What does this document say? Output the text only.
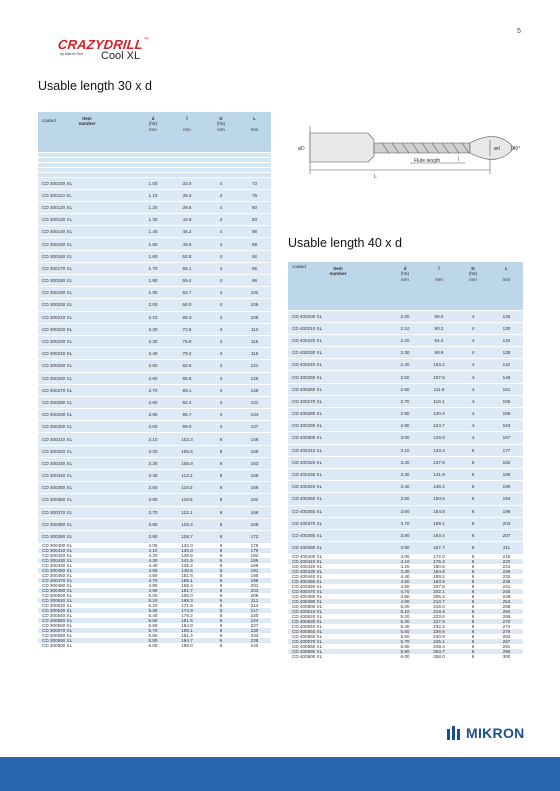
5
CRAZYDRILL™
by Mikron Tool Cool XL
Usable length 30 x d
Usable length 40 x d
Item
number
coated	d
(h5)
mm	l

mm	D
(h6)
mm	L

mm

CD 300100 XL	1.00	33.0	4	73
CD 300110 XL	1.10	36.3	4	76
CD 300120 XL	1.20	39.6	4	80
CD 300130 XL	1.30	42.9	4	83
CD 300140 XL	1.40	46.2	4	86
CD 300150 XL	1.50	49.5	4	89
CD 300160 XL	1.60	52.8	4	92
CD 300170 XL	1.70	56.1	4	96
CD 300180 XL	1.80	59.4	4	99
CD 300190 XL	1.90	62.7	4	102
CD 300200 XL	2.00	66.0	4	105
CD 300210 XL	2.10	69.3	4	109
CD 300220 XL	2.20	72.6	4	112
CD 300230 XL	2.30	75.9	4	115
CD 300240 XL	2.40	79.2	4	118
CD 300250 XL	2.50	82.5	4	121
CD 300260 XL	2.60	85.8	4	125
CD 300270 XL	2.70	89.1	4	128
CD 300280 XL	2.80	92.4	4	131
CD 300290 XL	2.90	95.7	4	134
CD 300300 XL	3.00	99.0	4	137
CD 300310 XL	3.10	102.3	6	146
CD 300320 XL	3.20	105.6	6	150
CD 300330 XL	3.30	108.9	6	153
CD 300340 XL	3.40	112.2	6	156
CD 300350 XL	3.50	115.5	6	159
CD 300360 XL	3.60	118.8	6	162
CD 300370 XL	3.70	122.1	6	166
CD 300380 XL	3.80	125.4	6	169
CD 300390 XL	3.90	128.7	6	172
CD 300400 XL	4.00	132.0	6	175
CD 300410 XL	4.10	135.3	6	179
CD 300420 XL	4.20	138.6	6	182
CD 300430 XL	4.30	141.9	6	185
CD 300440 XL	4.40	145.2	6	188
CD 300450 XL	4.50	148.5	6	191
CD 300460 XL	4.60	151.8	6	195
CD 300470 XL	4.70	155.1	6	198
CD 300480 XL	4.80	158.4	6	201
CD 300490 XL	4.90	161.7	6	204
CD 300500 XL	5.00	165.0	6	208
CD 300510 XL	5.10	168.3	6	211
CD 300520 XL	5.20	171.6	6	214
CD 300530 XL	5.30	174.9	6	217
CD 300540 XL	5.40	178.2	6	220
CD 300550 XL	5.50	181.5	6	224
CD 300560 XL	5.60	184.8	6	227
CD 300570 XL	5.70	188.1	6	230
CD 300580 XL	5.80	191.4	6	233
CD 300590 XL	5.90	194.7	6	236
CD 300600 XL	6.00	198.0	6	240
øD	ød 140°
Flute length	l
L
Item
number
coated	d
(h5)
mm	l

mm	D
(h6)
mm	L

mm

CD 400200 XL	2.00	86.0	4	125
CD 400210 XL	2.10	90.3	4	130
CD 400220 XL	2.20	94.4	4	134
CD 400230 XL	2.30	98.9	4	138
CD 400240 XL	2.40	103.2	4	142
CD 400250 XL	2.50	107.5	4	146
CD 400260 XL	2.60	111.8	4	151
CD 400270 XL	2.70	116.1	4	155
CD 400280 XL	2.80	120.4	4	159
CD 400290 XL	2.90	124.7	4	163
CD 400300 XL	3.00	129.0	4	167
CD 400310 XL	3.10	133.3	6	177
CD 400320 XL	3.20	137.6	6	182
CD 400330 XL	3.30	141.9	6	186
CD 400340 XL	3.40	146.2	6	190
CD 400350 XL	3.50	150.5	6	194
CD 400360 XL	3.60	154.8	6	198
CD 400370 XL	3.70	159.1	6	203
CD 400380 XL	3.80	163.4	6	207
CD 400390 XL	3.90	167.7	6	211
CD 400400 XL	4.00	172.0	6	215
CD 400410 XL	4.10	176.3	6	220
CD 400420 XL	4.20	180.6	6	224
CD 400430 XL	4.30	184.9	6	228
CD 400440 XL	4.40	189.2	6	232
CD 400450 XL	4.50	193.5	6	236
CD 400460 XL	4.60	197.8	6	241
CD 400470 XL	4.70	202.1	6	245
CD 400480 XL	4.80	206.4	6	249
CD 400490 XL	4.90	210.7	6	253
CD 400500 XL	5.00	215.0	6	258
CD 400510 XL	5.10	219.3	6	262
CD 400520 XL	5.20	223.6	6	266
CD 400530 XL	5.30	227.9	6	270
CD 400540 XL	5.40	232.2	6	274
CD 400550 XL	5.50	236.5	6	279
CD 400560 XL	5.60	240.8	6	283
CD 400570 XL	5.70	245.1	6	287
CD 400580 XL	5.80	249.4	6	291
CD 400590 XL	5.90	253.7	6	295
CD 400600 XL	6.00	258.0	6	300
MIKRON
